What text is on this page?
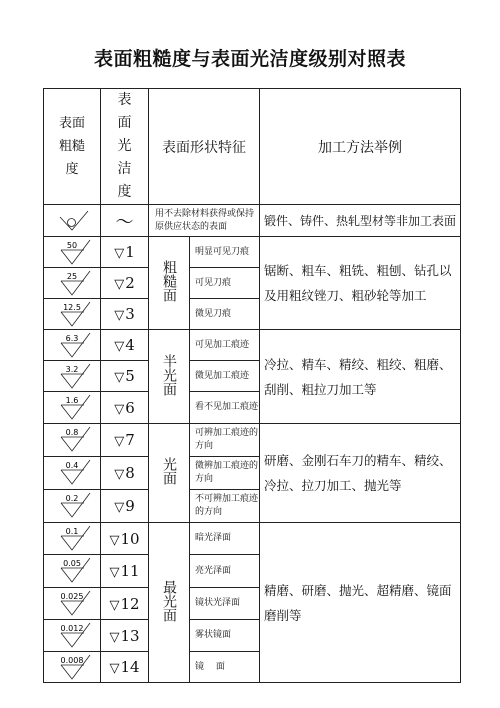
表面粗糙度与表面光洁度级别对照表
表面粗糙度	表面光洁度	表面形状特征		加工方法举例

	～	用不去除材料获得或保持原供应状态的表面		锻件、铸件、热轧型材等非加工表面

50	▽1	粗糙面	明显可见刀痕	锯断、粗车、粗铣、粗刨、钻孔以及用粗纹锉刀、粗砂轮等加工

25	▽2		可见刀痕	

12.5	▽3		微见刀痕	

6.3	▽4	半光面	可见加工痕迹	冷拉、精车、精绞、粗绞、粗磨、刮削、粗拉刀加工等

3.2	▽5		微见加工痕迹	

1.6	▽6		看不见加工痕迹	

0.8	▽7	光面	可辨加工痕迹的方向	研磨、金刚石车刀的精车、精绞、冷拉、拉刀加工、抛光等

0.4	▽8		微辨加工痕迹的方向	

0.2	▽9		不可辨加工痕迹的方向	

0.1	▽10	最光面	暗光泽面	精磨、研磨、抛光、超精磨、镜面磨削等

0.05	▽11		亮光泽面	

0.025	▽12		镜状光泽面	

0.012	▽13		雾状镜面	

0.008	▽14		镜　 面	
